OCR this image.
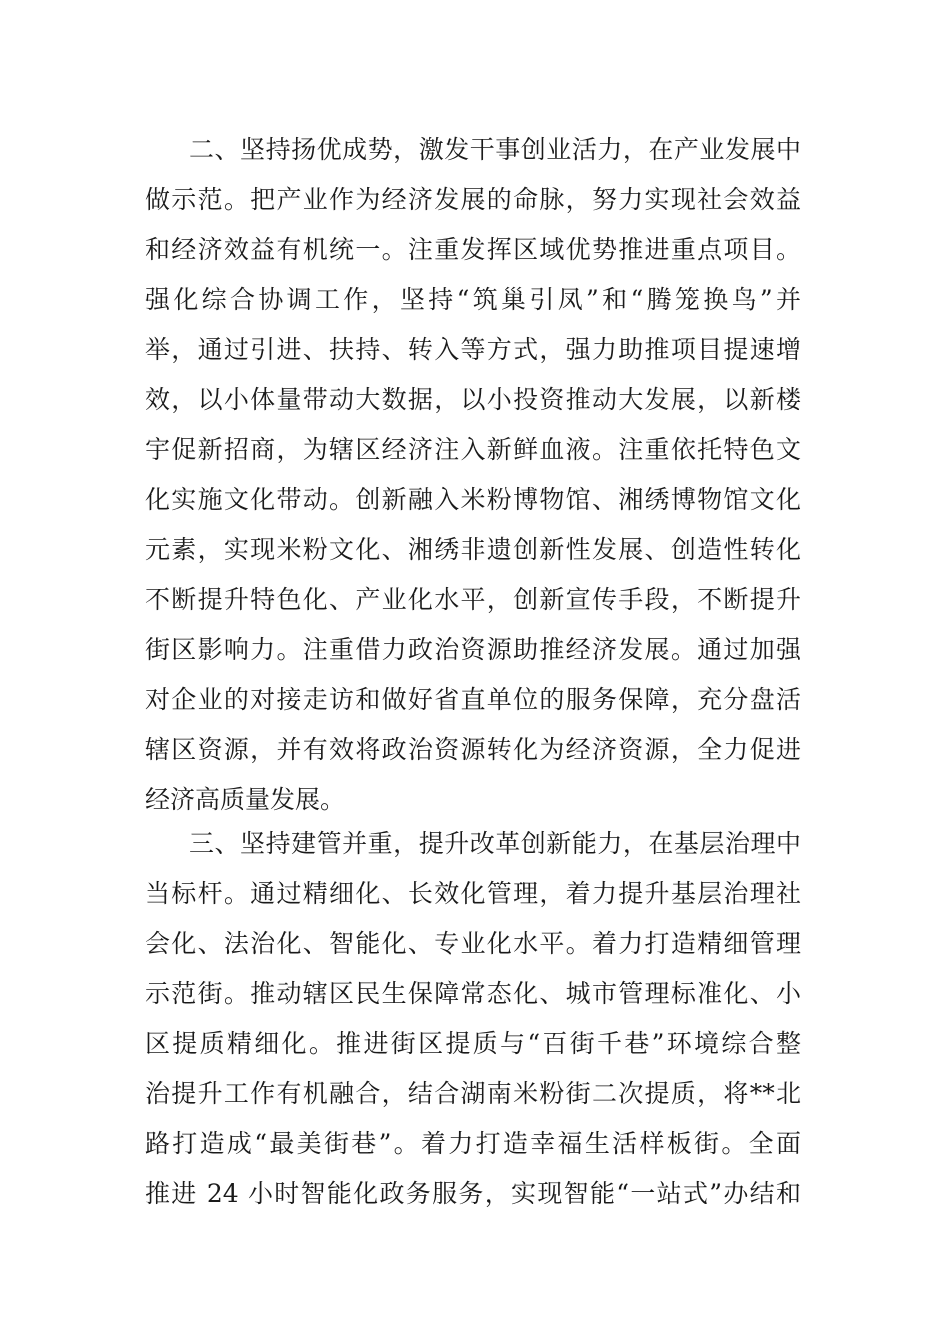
二、坚持扬优成势，激发干事创业活力，在产业发展中
做示范。把产业作为经济发展的命脉，努力实现社会效益
和经济效益有机统一。注重发挥区域优势推进重点项目。
强化综合协调工作，坚持“筑巢引凤”和“腾笼换鸟”并
举，通过引进、扶持、转入等方式，强力助推项目提速增
效，以小体量带动大数据，以小投资推动大发展，以新楼
宇促新招商，为辖区经济注入新鲜血液。注重依托特色文
化实施文化带动。创新融入米粉博物馆、湘绣博物馆文化
元素，实现米粉文化、湘绣非遗创新性发展、创造性转化
不断提升特色化、产业化水平，创新宣传手段，不断提升
街区影响力。注重借力政治资源助推经济发展。通过加强
对企业的对接走访和做好省直单位的服务保障，充分盘活
辖区资源，并有效将政治资源转化为经济资源，全力促进
经济高质量发展。
三、坚持建管并重，提升改革创新能力，在基层治理中
当标杆。通过精细化、长效化管理，着力提升基层治理社
会化、法治化、智能化、专业化水平。着力打造精细管理
示范街。推动辖区民生保障常态化、城市管理标准化、小
区提质精细化。推进街区提质与“百街千巷”环境综合整
治提升工作有机融合，结合湖南米粉街二次提质，将**北
路打造成“最美街巷”。着力打造幸福生活样板街。全面
推进 24 小时智能化政务服务，实现智能“一站式”办结和
